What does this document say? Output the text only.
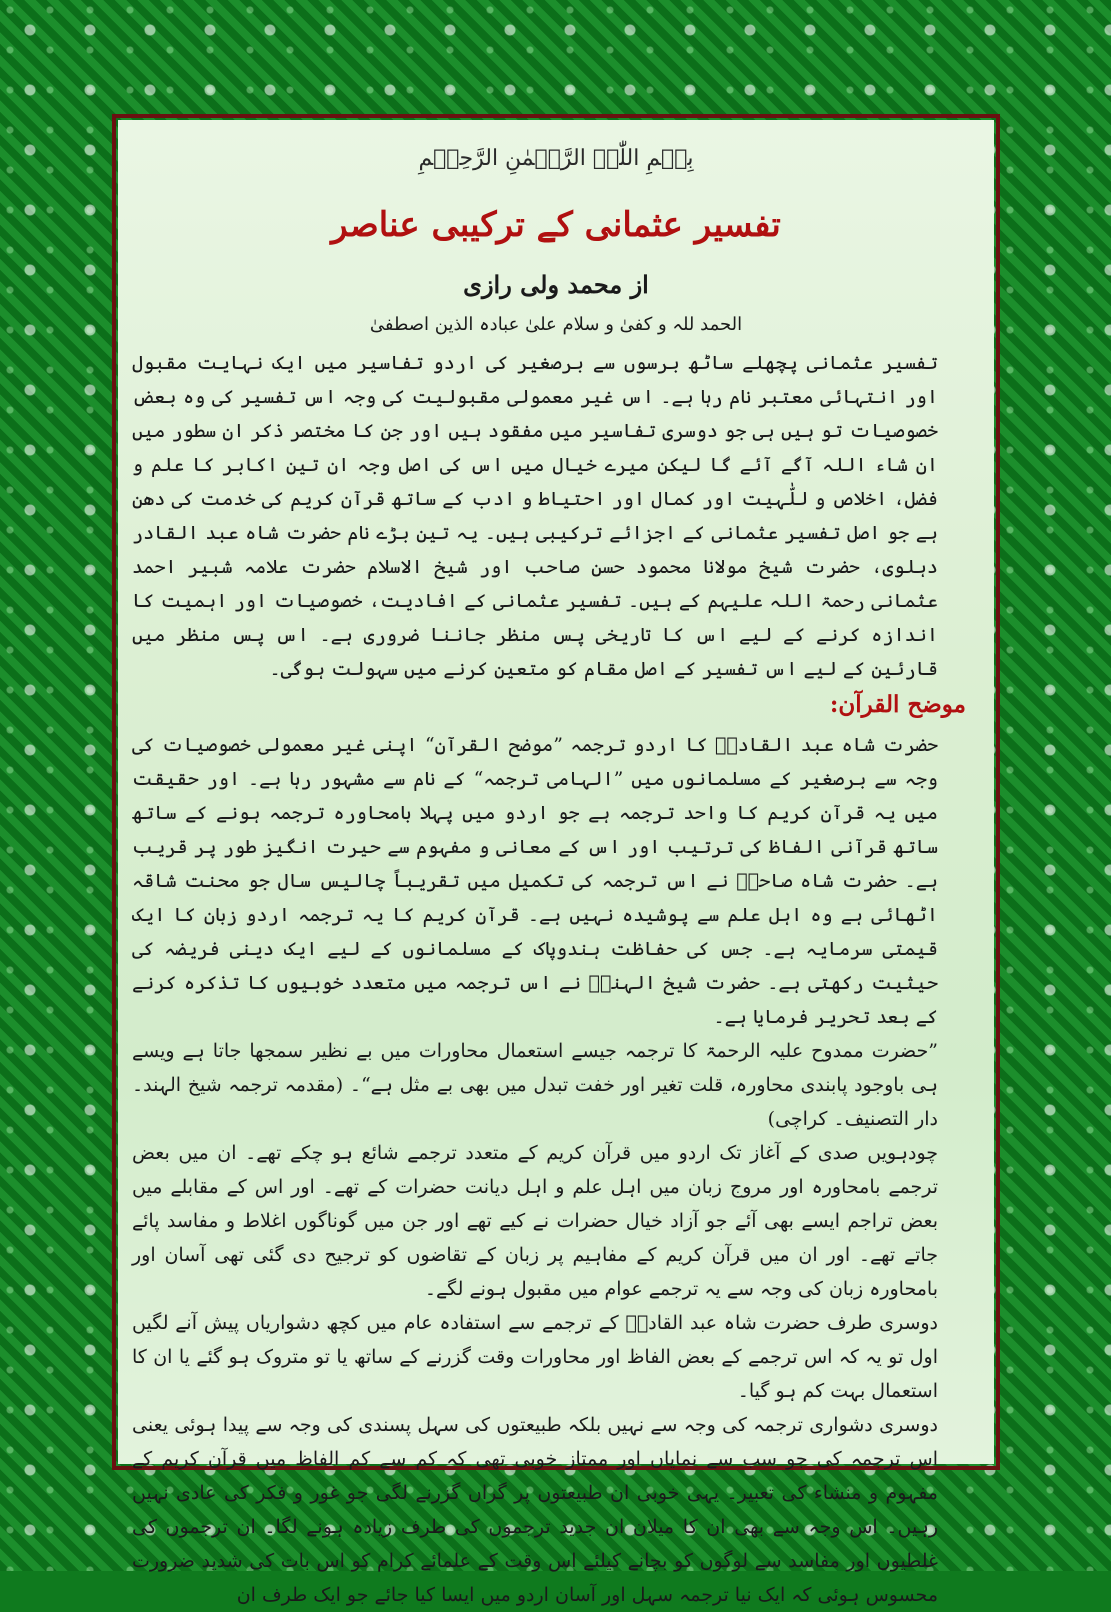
بِسۡمِ اللّٰہِ الرَّحۡمٰنِ الرَّحِیۡمِ
تفسیر عثمانی کے ترکیبی عناصر
از محمد ولی رازی
الحمد للہ و کفیٰ و سلام علیٰ عبادہ الذین اصطفیٰ

تفسیر عثمانی پچھلے ساٹھ برسوں سے برصغیر کی اردو تفاسیر میں ایک نہایت مقبول اور انتہائی معتبر نام رہا ہے۔ اس غیر معمولی مقبولیت کی وجہ اس تفسیر کی وہ بعض خصوصیات تو ہیں ہی جو دوسری تفاسیر میں مفقود ہیں اور جن کا مختصر ذکر ان سطور میں ان شاء اللہ آگے آئے گا لیکن میرے خیال میں اس کی اصل وجہ ان تین اکابر کا علم و فضل، اخلاص و للّٰہیت اور کمال اور احتیاط و ادب کے ساتھ قرآن کریم کی خدمت کی دھن ہے جو اصل تفسیر عثمانی کے اجزائے ترکیبی ہیں۔ یہ تین بڑے نام حضرت شاہ عبد القادر دہلوی، حضرت شیخ مولانا محمود حسن صاحب اور شیخ الاسلام حضرت علامہ شبیر احمد عثمانی رحمۃ اللہ علیہم کے ہیں۔ تفسیر عثمانی کے افادیت، خصوصیات اور اہمیت کا اندازہ کرنے کے لیے اس کا تاریخی پس منظر جاننا ضروری ہے۔ اس پس منظر میں قارئین کے لیے اس تفسیر کے اصل مقام کو متعین کرنے میں سہولت ہوگی۔

موضح القرآن:

حضرت شاہ عبد القادرؒ کا اردو ترجمہ ”موضح القرآن“ اپنی غیر معمولی خصوصیات کی وجہ سے برصغیر کے مسلمانوں میں ”الہامی ترجمہ“ کے نام سے مشہور رہا ہے۔ اور حقیقت میں یہ قرآن کریم کا واحد ترجمہ ہے جو اردو میں پہلا بامحاورہ ترجمہ ہونے کے ساتھ ساتھ قرآنی الفاظ کی ترتیب اور اس کے معانی و مفہوم سے حیرت انگیز طور پر قریب ہے۔ حضرت شاہ صاحبؒ نے اس ترجمہ کی تکمیل میں تقریباً چالیس سال جو محنت شاقہ اٹھائی ہے وہ اہل علم سے پوشیدہ نہیں ہے۔ قرآن کریم کا یہ ترجمہ اردو زبان کا ایک قیمتی سرمایہ ہے۔ جس کی حفاظت ہندوپاک کے مسلمانوں کے لیے ایک دینی فریضہ کی حیثیت رکھتی ہے۔ حضرت شیخ الہندؒ نے اس ترجمہ میں متعدد خوبیوں کا تذکرہ کرنے کے بعد تحریر فرمایا ہے۔

”حضرت ممدوح علیہ الرحمۃ کا ترجمہ جیسے استعمال محاورات میں بے نظیر سمجھا جاتا ہے ویسے ہی باوجود پابندی محاورہ، قلت تغیر اور خفت تبدل میں بھی بے مثل ہے“۔ (مقدمہ ترجمہ شیخ الہند۔ دار التصنیف۔ کراچی)

چودہویں صدی کے آغاز تک اردو میں قرآن کریم کے متعدد ترجمے شائع ہو چکے تھے۔ ان میں بعض ترجمے بامحاورہ اور مروج زبان میں اہل علم و اہل دیانت حضرات کے تھے۔ اور اس کے مقابلے میں بعض تراجم ایسے بھی آئے جو آزاد خیال حضرات نے کیے تھے اور جن میں گوناگوں اغلاط و مفاسد پائے جاتے تھے۔ اور ان میں قرآن کریم کے مفاہیم پر زبان کے تقاضوں کو ترجیح دی گئی تھی آسان اور بامحاورہ زبان کی وجہ سے یہ ترجمے عوام میں مقبول ہونے لگے۔

دوسری طرف حضرت شاہ عبد القادرؒ کے ترجمے سے استفادہ عام میں کچھ دشواریاں پیش آنے لگیں اول تو یہ کہ اس ترجمے کے بعض الفاظ اور محاورات وقت گزرنے کے ساتھ یا تو متروک ہو گئے یا ان کا استعمال بہت کم ہو گیا۔

دوسری دشواری ترجمہ کی وجہ سے نہیں بلکہ طبیعتوں کی سہل پسندی کی وجہ سے پیدا ہوئی یعنی اس ترجمہ کی جو سب سے نمایاں اور ممتاز خوبی تھی کہ کم سے کم الفاظ میں قرآن کریم کے مفہوم و منشاء کی تعبیر۔ یہی خوبی ان طبیعتوں پر گراں گزرنے لگی جو غور و فکر کی عادی نہیں رہیں۔ اس وجہ سے بھی ان کا میلان ان جدید ترجموں کی طرف زیادہ ہونے لگا۔ ان ترجموں کی غلطیوں اور مفاسد سے لوگوں کو بچانے کیلئے اس وقت کے علمائے کرام کو اس بات کی شدید ضرورت محسوس ہوئی کہ ایک نیا ترجمہ سہل اور آسان اردو میں ایسا کیا جائے جو ایک طرف ان
